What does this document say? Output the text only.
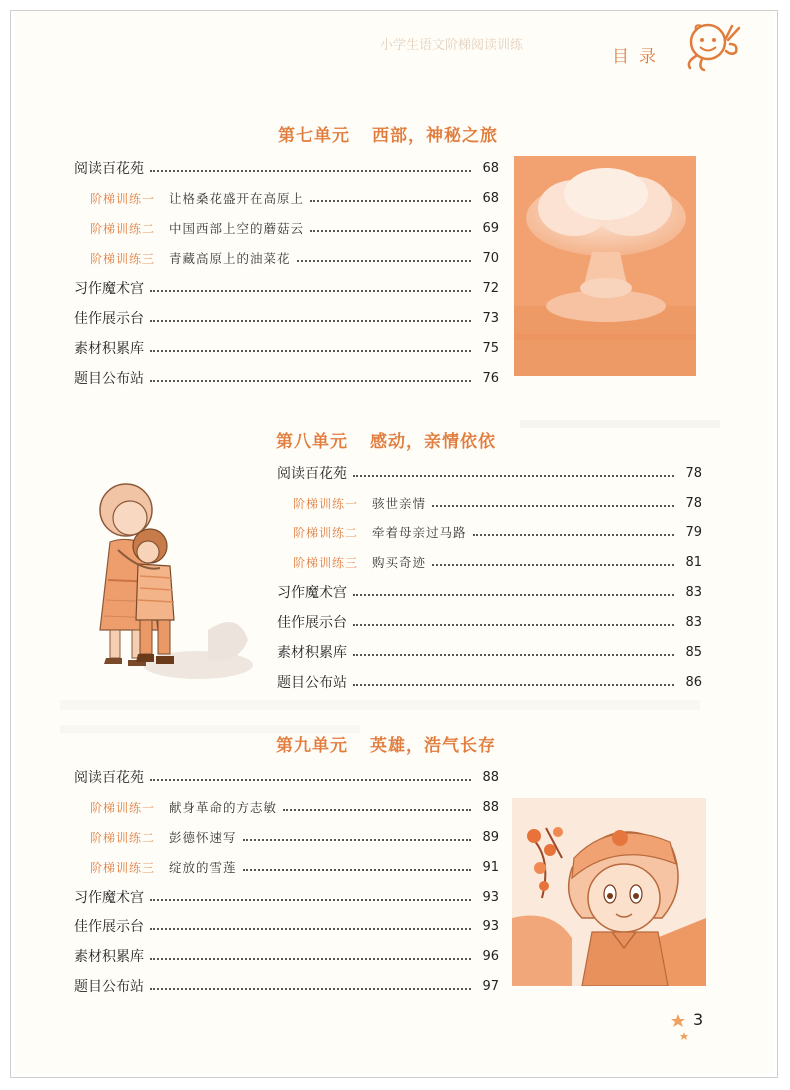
小学生语文阶梯阅读训练
目录
第七单元 西部，神秘之旅
阅读百花苑	68
阶梯训练一 让格桑花盛开在高原上	68
阶梯训练二 中国西部上空的蘑菇云	69
阶梯训练三 青藏高原上的油菜花	70
习作魔术宫	72
佳作展示台	73
素材积累库	75
题目公布站	76
第八单元 感动，亲情依依
阅读百花苑	78
阶梯训练一 骇世亲情	78
阶梯训练二 牵着母亲过马路	79
阶梯训练三 购买奇迹	81
习作魔术宫	83
佳作展示台	83
素材积累库	85
题目公布站	86
第九单元 英雄，浩气长存
阅读百花苑	88
阶梯训练一 献身革命的方志敏	88
阶梯训练二 彭德怀速写	89
阶梯训练三 绽放的雪莲	91
习作魔术宫	93
佳作展示台	93
素材积累库	96
题目公布站	97
3
